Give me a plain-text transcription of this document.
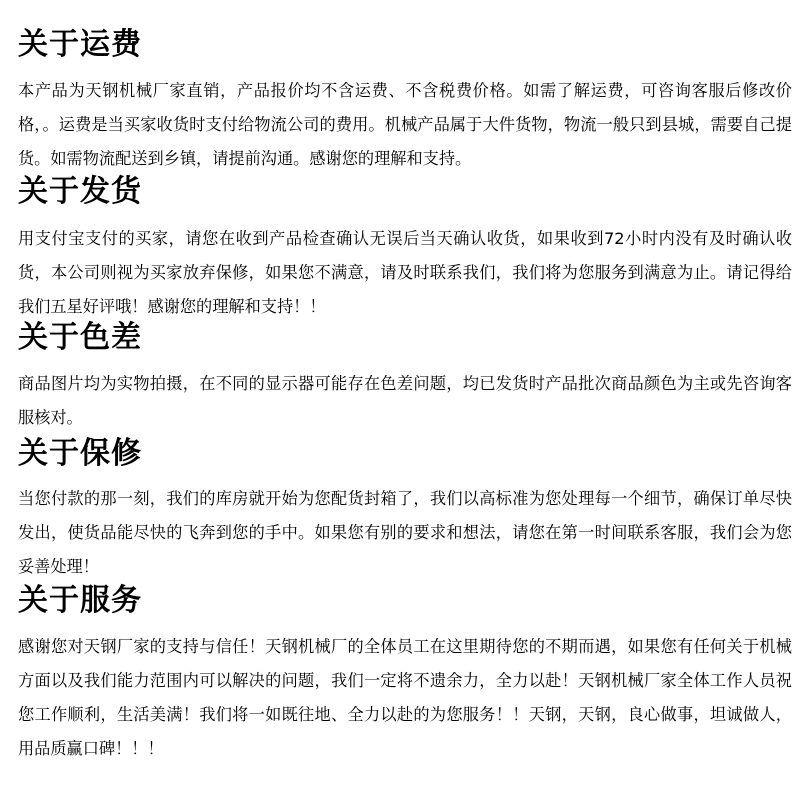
关于运费

本产品为天钢机械厂家直销，产品报价均不含运费、不含税费价格。如需了解运费，可咨询客服后修改价格，。运费是当买家收货时支付给物流公司的费用。机械产品属于大件货物，物流一般只到县城，需要自己提货。如需物流配送到乡镇，请提前沟通。感谢您的理解和支持。

关于发货

用支付宝支付的买家，请您在收到产品检查确认无误后当天确认收货，如果收到72小时内没有及时确认收货，本公司则视为买家放弃保修，如果您不满意，请及时联系我们，我们将为您服务到满意为止。请记得给我们五星好评哦！感谢您的理解和支持！！

关于色差

商品图片均为实物拍摄，在不同的显示器可能存在色差问题，均已发货时产品批次商品颜色为主或先咨询客服核对。

关于保修

当您付款的那一刻，我们的库房就开始为您配货封箱了，我们以高标准为您处理每一个细节，确保订单尽快发出，使货品能尽快的飞奔到您的手中。如果您有别的要求和想法，请您在第一时间联系客服，我们会为您妥善处理！

关于服务

感谢您对天钢厂家的支持与信任！天钢机械厂的全体员工在这里期待您的不期而遇，如果您有任何关于机械方面以及我们能力范围内可以解决的问题，我们一定将不遗余力，全力以赴！天钢机械厂家全体工作人员祝您工作顺利，生活美满！我们将一如既往地、全力以赴的为您服务！！天钢，天钢，良心做事，坦诚做人，用品质赢口碑！！！
